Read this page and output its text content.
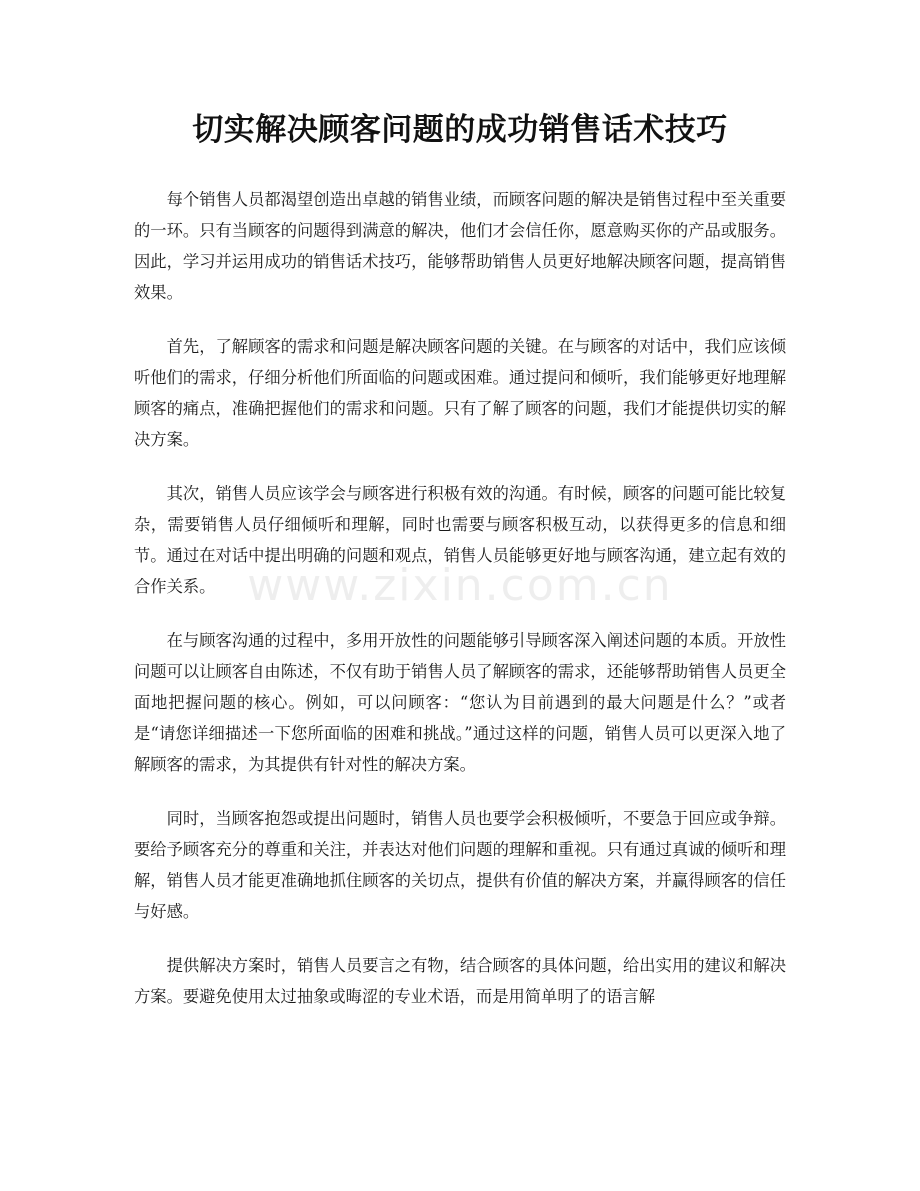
切实解决顾客问题的成功销售话术技巧

每个销售人员都渴望创造出卓越的销售业绩，而顾客问题的解决是销售过程中至关重要的一环。只有当顾客的问题得到满意的解决，他们才会信任你，愿意购买你的产品或服务。因此，学习并运用成功的销售话术技巧，能够帮助销售人员更好地解决顾客问题，提高销售效果。

首先，了解顾客的需求和问题是解决顾客问题的关键。在与顾客的对话中，我们应该倾听他们的需求，仔细分析他们所面临的问题或困难。通过提问和倾听，我们能够更好地理解顾客的痛点，准确把握他们的需求和问题。只有了解了顾客的问题，我们才能提供切实的解决方案。

其次，销售人员应该学会与顾客进行积极有效的沟通。有时候，顾客的问题可能比较复杂，需要销售人员仔细倾听和理解，同时也需要与顾客积极互动，以获得更多的信息和细节。通过在对话中提出明确的问题和观点，销售人员能够更好地与顾客沟通，建立起有效的合作关系。

在与顾客沟通的过程中，多用开放性的问题能够引导顾客深入阐述问题的本质。开放性问题可以让顾客自由陈述，不仅有助于销售人员了解顾客的需求，还能够帮助销售人员更全面地把握问题的核心。例如，可以问顾客：“您认为目前遇到的最大问题是什么？”或者是“请您详细描述一下您所面临的困难和挑战。”通过这样的问题，销售人员可以更深入地了解顾客的需求，为其提供有针对性的解决方案。

同时，当顾客抱怨或提出问题时，销售人员也要学会积极倾听，不要急于回应或争辩。要给予顾客充分的尊重和关注，并表达对他们问题的理解和重视。只有通过真诚的倾听和理解，销售人员才能更准确地抓住顾客的关切点，提供有价值的解决方案，并赢得顾客的信任与好感。

提供解决方案时，销售人员要言之有物，结合顾客的具体问题，给出实用的建议和解决方案。要避免使用太过抽象或晦涩的专业术语，而是用简单明了的语言解

www.zixin.com.cn
